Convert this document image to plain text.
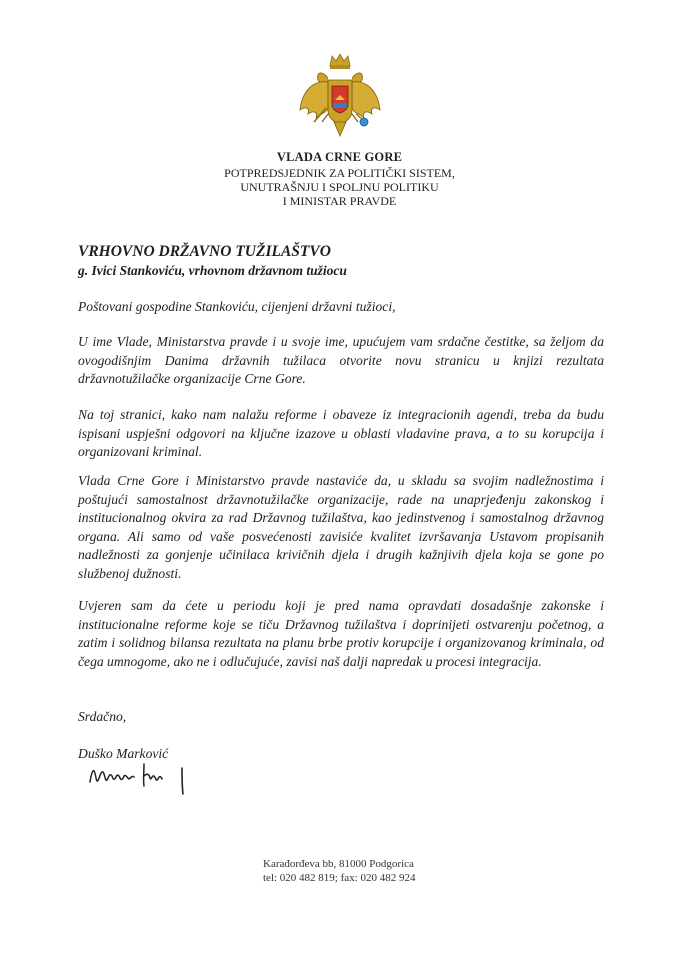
VLADA CRNE GORE
POTPREDSJEDNIK ZA POLITIČKI SISTEM,
UNUTRAŠNJU I SPOLJNU POLITIKU
I MINISTAR PRAVDE
VRHOVNO DRŽAVNO TUŽILAŠTVO
g. Ivici Stankoviću, vrhovnom državnom tužiocu
Poštovani gospodine Stankoviću, cijenjeni državni tužioci,

U ime Vlade, Ministarstva pravde i u svoje ime, upućujem vam srdačne čestitke, sa željom da ovogodišnjim Danima državnih tužilaca otvorite novu stranicu u knjizi rezultata državnotužilačke organizacije Crne Gore.

Na toj stranici, kako nam nalažu reforme i obaveze iz integracionih agendi, treba da budu ispisani uspješni odgovori na ključne izazove u oblasti vladavine prava, a to su korupcija i organizovani kriminal.

Vlada Crne Gore i Ministarstvo pravde nastaviće da, u skladu sa svojim nadležnostima i poštujući samostalnost državnotužilačke organizacije, rade na unaprjeđenju zakonskog i institucionalnog okvira za rad Državnog tužilaštva, kao jedinstvenog i samostalnog državnog organa. Ali samo od vaše posvećenosti zavisiće kvalitet izvršavanja Ustavom propisanih nadležnosti za gonjenje učinilaca krivičnih djela i drugih kažnjivih djela koja se gone po službenoj dužnosti.

Uvjeren sam da ćete u periodu koji je pred nama opravdati dosadašnje zakonske i institucionalne reforme koje se tiču Državnog tužilaštva i doprinijeti ostvarenju početnog, a zatim i solidnog bilansa rezultata na planu brbe protiv korupcije i organizovanog kriminala, od čega umnogome, ako ne i odlučujuće, zavisi naš dalji napredak u procesi integracija.

Srdačno,
Duško Marković
Karađorđeva bb, 81000 Podgorica
tel: 020 482 819; fax: 020 482 924
